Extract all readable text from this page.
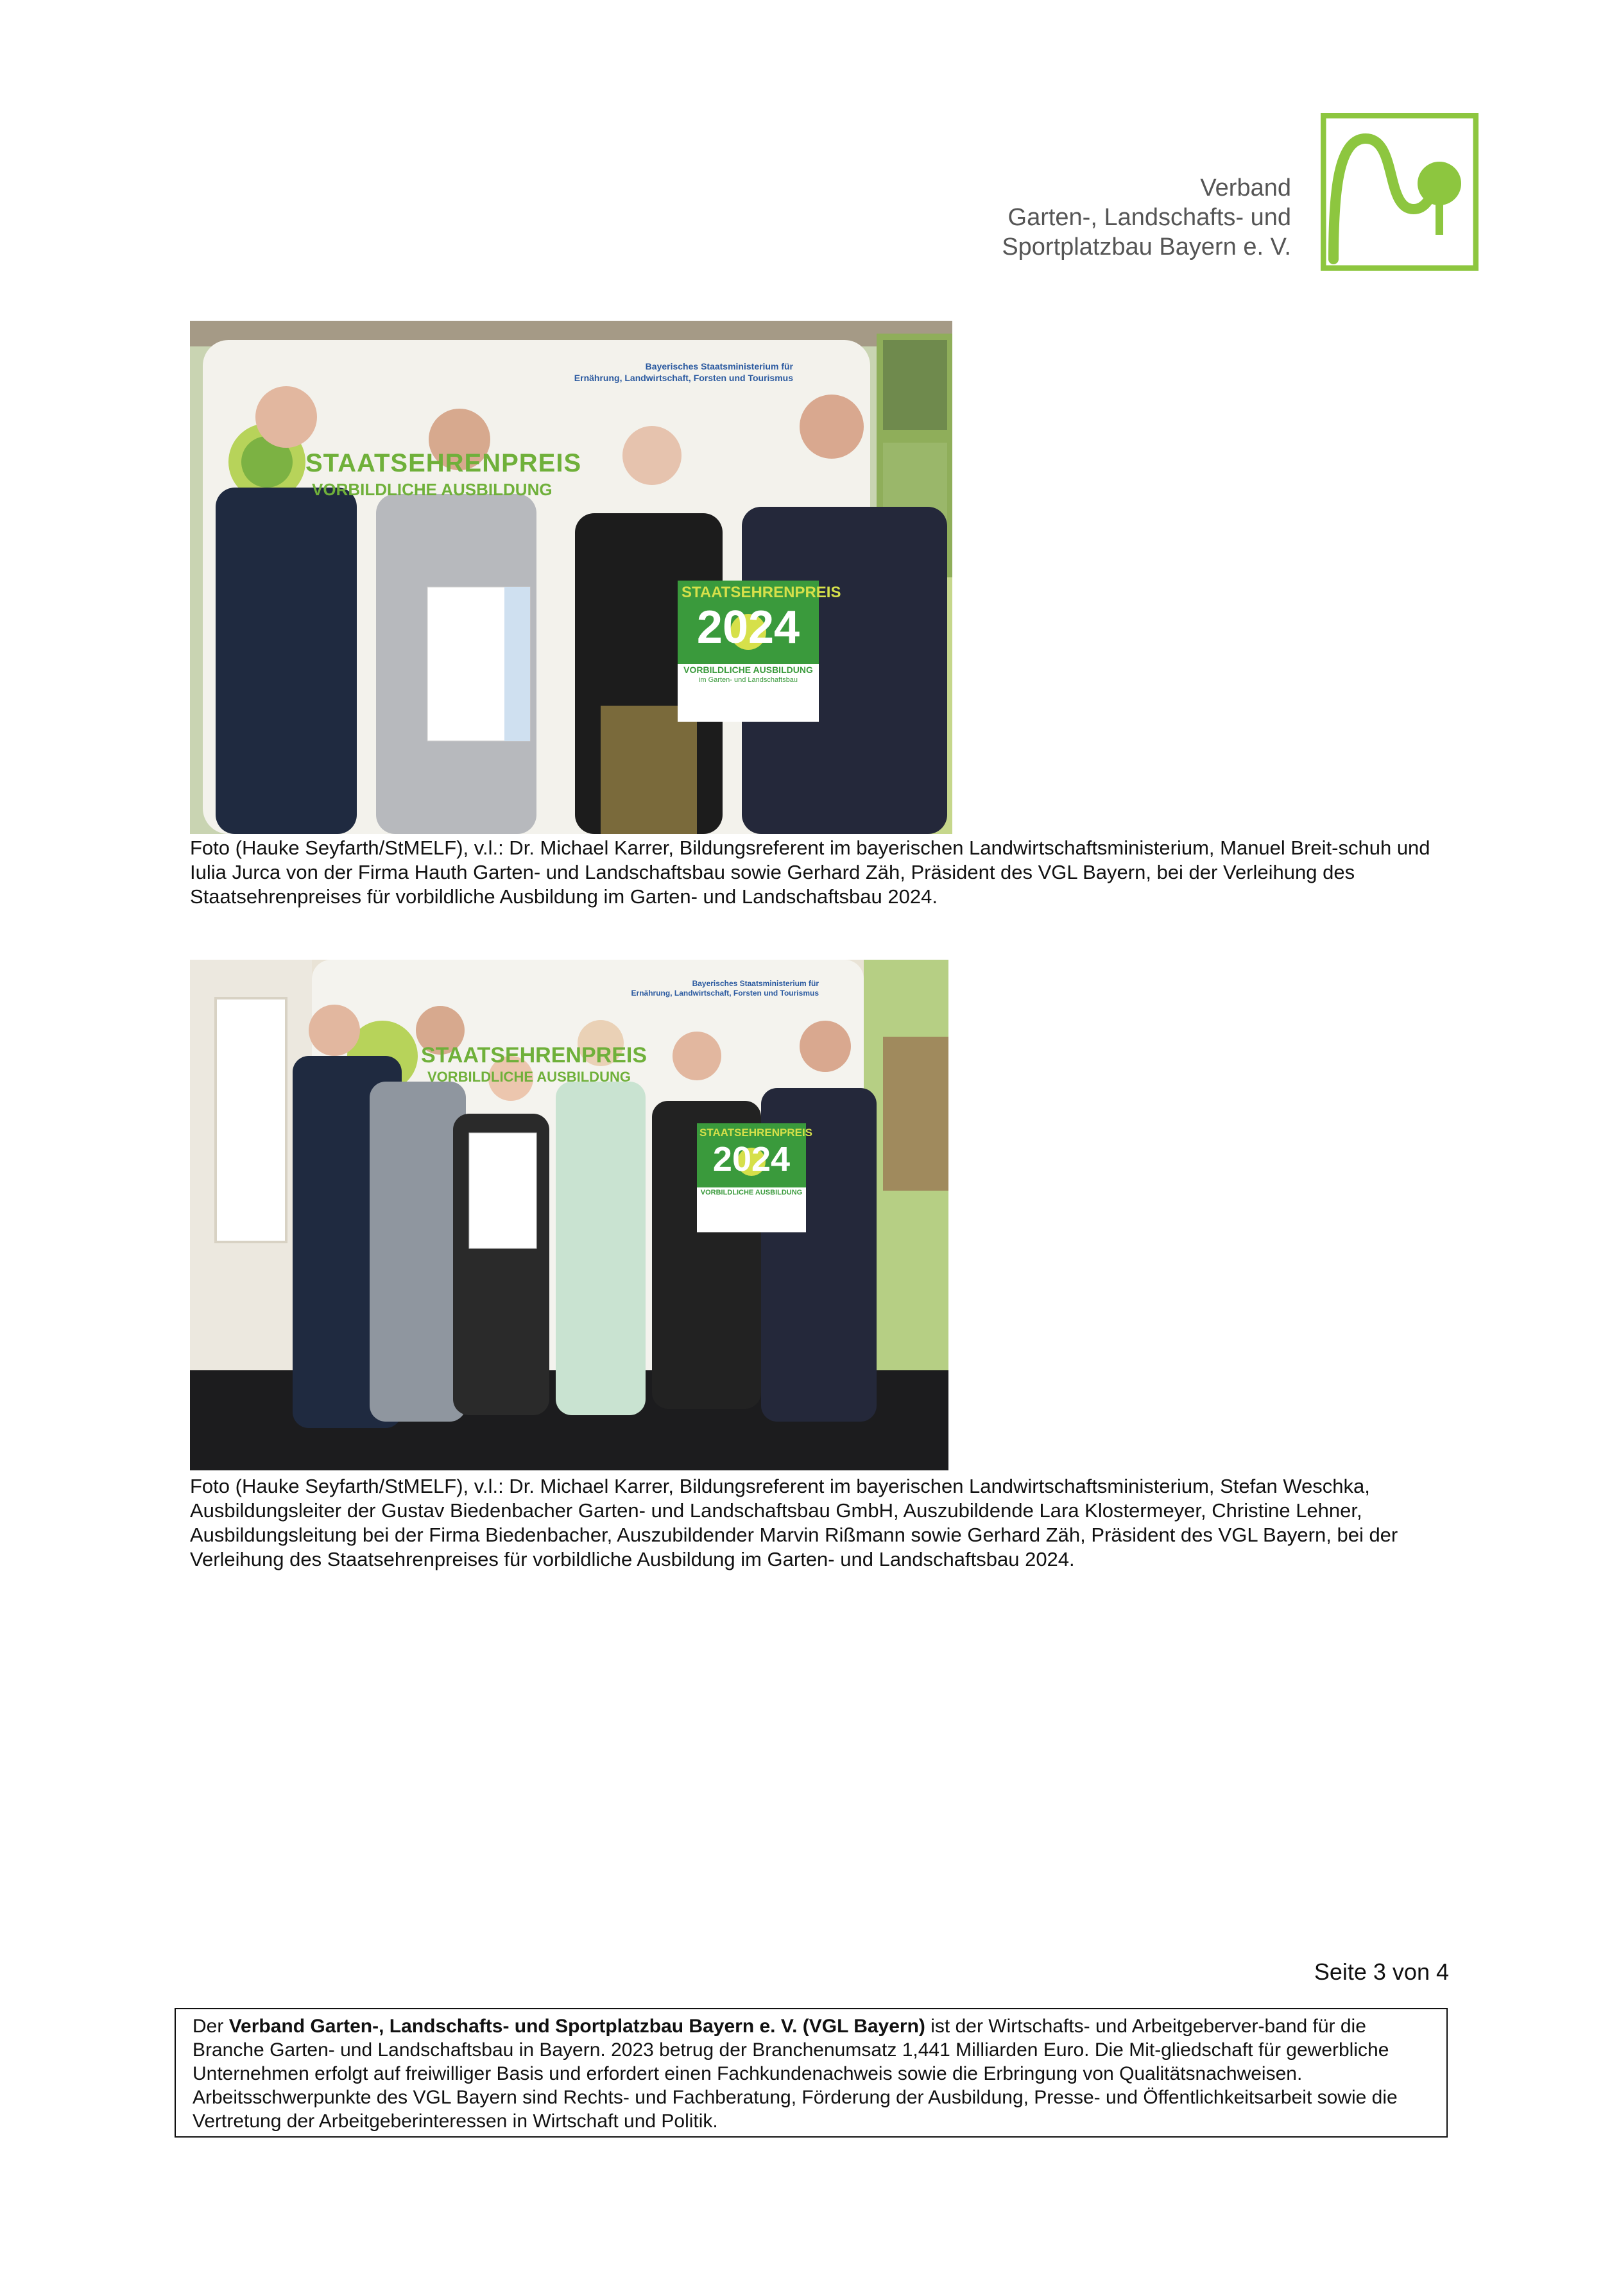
Verband
Garten-, Landschafts- und
Sportplatzbau Bayern e. V.
Bayerisches Staatsministerium für
Ernährung, Landwirtschaft, Forsten und Tourismus
STAATSEHRENPREIS
VORBILDLICHE AUSBILDUNG
STAATSEHRENPREIS
2024
VORBILDLICHE AUSBILDUNG
im Garten- und Landschaftsbau
Foto (Hauke Seyfarth/StMELF), v.l.: Dr. Michael Karrer, Bildungsreferent im bayerischen Landwirtschaftsministerium, Manuel Breit-schuh und Iulia Jurca von der Firma Hauth Garten- und Landschaftsbau sowie Gerhard Zäh, Präsident des VGL Bayern, bei der Verleihung des Staatsehrenpreises für vorbildliche Ausbildung im Garten- und Landschaftsbau 2024.
Bayerisches Staatsministerium für
Ernährung, Landwirtschaft, Forsten und Tourismus
STAATSEHRENPREIS
VORBILDLICHE AUSBILDUNG
STAATSEHRENPREIS
2024
VORBILDLICHE AUSBILDUNG
Foto (Hauke Seyfarth/StMELF), v.l.: Dr. Michael Karrer, Bildungsreferent im bayerischen Landwirtschaftsministerium, Stefan Weschka, Ausbildungsleiter der Gustav Biedenbacher Garten- und Landschaftsbau GmbH, Auszubildende Lara Klostermeyer, Christine Lehner, Ausbildungsleitung bei der Firma Biedenbacher, Auszubildender Marvin Rißmann sowie Gerhard Zäh, Präsident des VGL Bayern, bei der Verleihung des Staatsehrenpreises für vorbildliche Ausbildung im Garten- und Landschaftsbau 2024.
Seite 3 von 4
Der Verband Garten-, Landschafts- und Sportplatzbau Bayern e. V. (VGL Bayern) ist der Wirtschafts- und Arbeitgeberver-band für die Branche Garten- und Landschaftsbau in Bayern. 2023 betrug der Branchenumsatz 1,441 Milliarden Euro. Die Mit-gliedschaft für gewerbliche Unternehmen erfolgt auf freiwilliger Basis und erfordert einen Fachkundenachweis sowie die Erbringung von Qualitätsnachweisen. Arbeitsschwerpunkte des VGL Bayern sind Rechts- und Fachberatung, Förderung der Ausbildung, Presse- und Öffentlichkeitsarbeit sowie die Vertretung der Arbeitgeberinteressen in Wirtschaft und Politik.
